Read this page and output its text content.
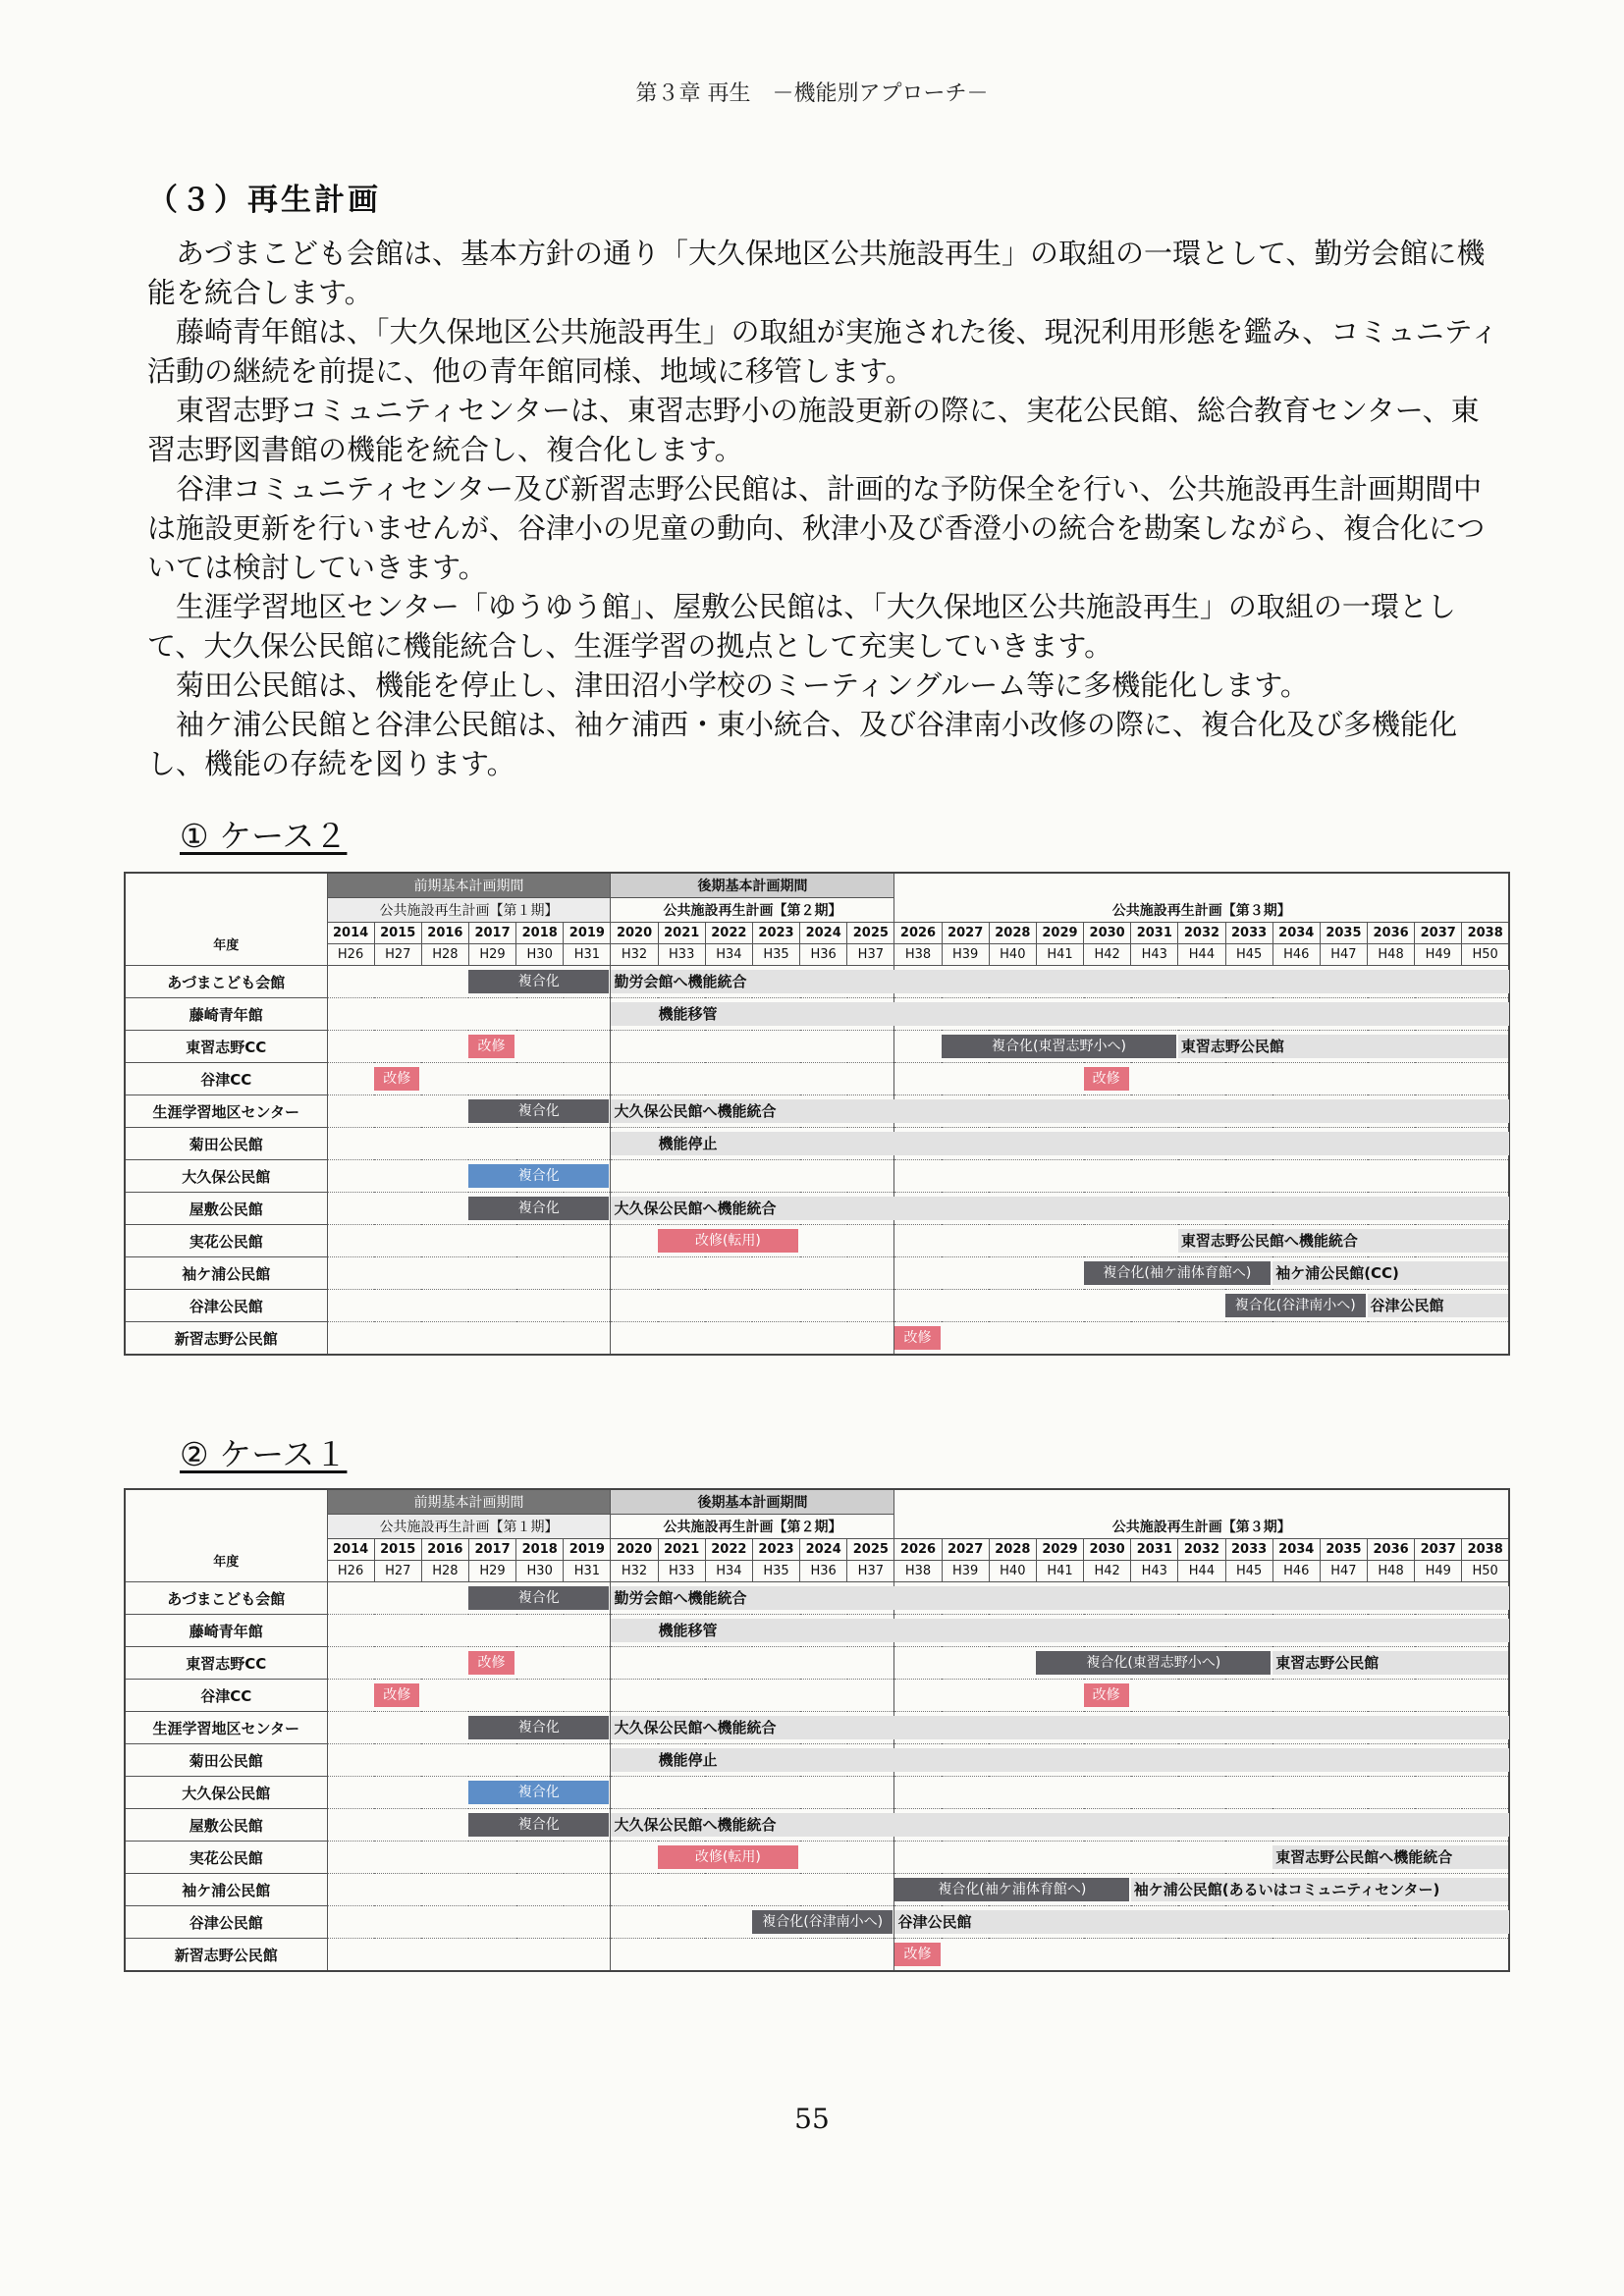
第３章 再生　－機能別アプローチ－
（３）再生計画

あづまこども会館は、基本方針の通り「大久保地区公共施設再生」の取組の一環として、勤労会館に機能を統合します。

藤崎青年館は、「大久保地区公共施設再生」の取組が実施された後、現況利用形態を鑑み、コミュニティ活動の継続を前提に、他の青年館同様、地域に移管します。

東習志野コミュニティセンターは、東習志野小の施設更新の際に、実花公民館、総合教育センター、東習志野図書館の機能を統合し、複合化します。

谷津コミュニティセンター及び新習志野公民館は、計画的な予防保全を行い、公共施設再生計画期間中は施設更新を行いませんが、谷津小の児童の動向、秋津小及び香澄小の統合を勘案しながら、複合化については検討していきます。

生涯学習地区センター「ゆうゆう館」、屋敷公民館は、「大久保地区公共施設再生」の取組の一環として、大久保公民館に機能統合し、生涯学習の拠点として充実していきます。

菊田公民館は、機能を停止し、津田沼小学校のミーティングルーム等に多機能化します。

袖ケ浦公民館と谷津公民館は、袖ケ浦西・東小統合、及び谷津南小改修の際に、複合化及び多機能化し、機能の存続を図ります。

① ケース２
	前期基本計画期間						後期基本計画期間																		
	公共施設再生計画【第１期】						公共施設再生計画【第２期】						公共施設再生計画【第３期】												
年度	2014	2015	2016	2017	2018	2019	2020	2021	2022	2023	2024	2025	2026	2027	2028	2029	2030	2031	2032	2033	2034	2035	2036	2037	2038
	H26	H27	H28	H29	H30	H31	H32	H33	H34	H35	H36	H37	H38	H39	H40	H41	H42	H43	H44	H45	H46	H47	H48	H49	H50
あづまこども会館				複合化			勤労会館へ機能統合																		

藤崎青年館							機能移管																		

東習志野CC				改修										複合化(東習志野小へ)					東習志野公民館						

谷津CC		改修															改修								

生涯学習地区センター				複合化			大久保公民館へ機能統合																		

菊田公民館							機能停止																		

大久保公民館				複合化																					

屋敷公民館				複合化			大久保公民館へ機能統合																		

実花公民館								改修(転用)											東習志野公民館へ機能統合						

袖ケ浦公民館																	複合化(袖ケ浦体育館へ)				袖ケ浦公民館(CC)				

谷津公民館																				複合化(谷津南小へ)			谷津公民館		

新習志野公民館													改修												

② ケース１
	前期基本計画期間						後期基本計画期間																		
	公共施設再生計画【第１期】						公共施設再生計画【第２期】						公共施設再生計画【第３期】												
年度	2014	2015	2016	2017	2018	2019	2020	2021	2022	2023	2024	2025	2026	2027	2028	2029	2030	2031	2032	2033	2034	2035	2036	2037	2038
	H26	H27	H28	H29	H30	H31	H32	H33	H34	H35	H36	H37	H38	H39	H40	H41	H42	H43	H44	H45	H46	H47	H48	H49	H50
あづまこども会館				複合化			勤労会館へ機能統合																		

藤崎青年館							機能移管																		

東習志野CC				改修												複合化(東習志野小へ)					東習志野公民館				

谷津CC		改修															改修								

生涯学習地区センター				複合化			大久保公民館へ機能統合																		

菊田公民館							機能停止																		

大久保公民館				複合化																					

屋敷公民館				複合化			大久保公民館へ機能統合																		

実花公民館								改修(転用)													東習志野公民館へ機能統合				

袖ケ浦公民館													複合化(袖ケ浦体育館へ)					袖ケ浦公民館(あるいはコミュニティセンター)							

谷津公民館										複合化(谷津南小へ)			谷津公民館												

新習志野公民館													改修												

55
